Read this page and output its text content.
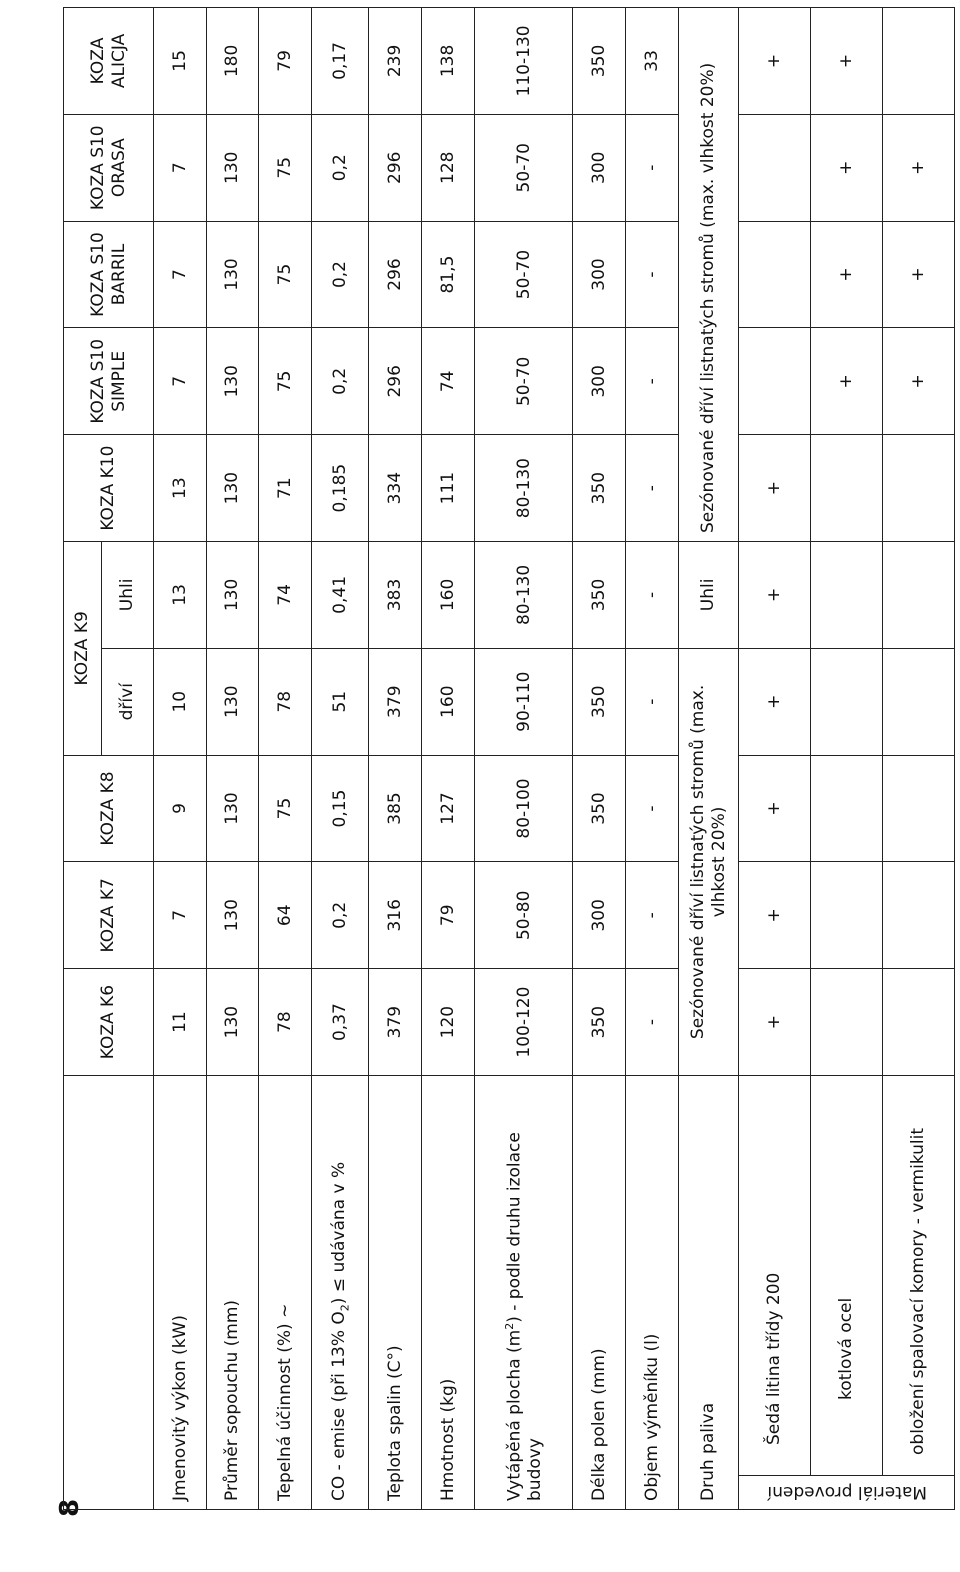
8
		KOZA K6	KOZA K7	KOZA K8	KOZA K9		KOZA K10	KOZA S10 SIMPLE	KOZA S10 BARRIL	KOZA S10 ORASA	KOZA ALICJA
					dříví	Uhli					
Jmenovitý výkon (kW)		11	7	9	10	13	13	7	7	7	15
Průměr sopouchu (mm)		130	130	130	130	130	130	130	130	130	180
Tepelná účinnost (%) ~		78	64	75	78	74	71	75	75	75	79
CO - emise (při 13% $O_2$) ≤ udávána v %		0,37	0,2	0,15	51	0,41	0,185	0,2	0,2	0,2	0,17
Teplota spalin (C°)		379	316	385	379	383	334	296	296	296	239
Hmotnost (kg)		120	79	127	160	160	111	74	81,5	128	138
Vytápěná plocha $(m^2)$ - podle druhu izolace budovy		100-120	50-80	80-100	90-110	80-130	80-130	50-70	50-70	50-70	110-130
Délka polen (mm)		350	300	350	350	350	350	300	300	300	350
Objem výměníku (l)		-	-	-	-	-	-	-	-	-	33
Druh paliva		Sezónované dříví listnatých stromů (max. vlhkost 20%)				Uhli	Sezónované dříví listnatých stromů (max. vlhkost 20%)				
Materiál provedení	Šedá litina třídy 200	+	+	+	+	+	+				+
	kotlová ocel							+	+	+	+
	obložení spalovací komory - vermikulit							+	+	+	
